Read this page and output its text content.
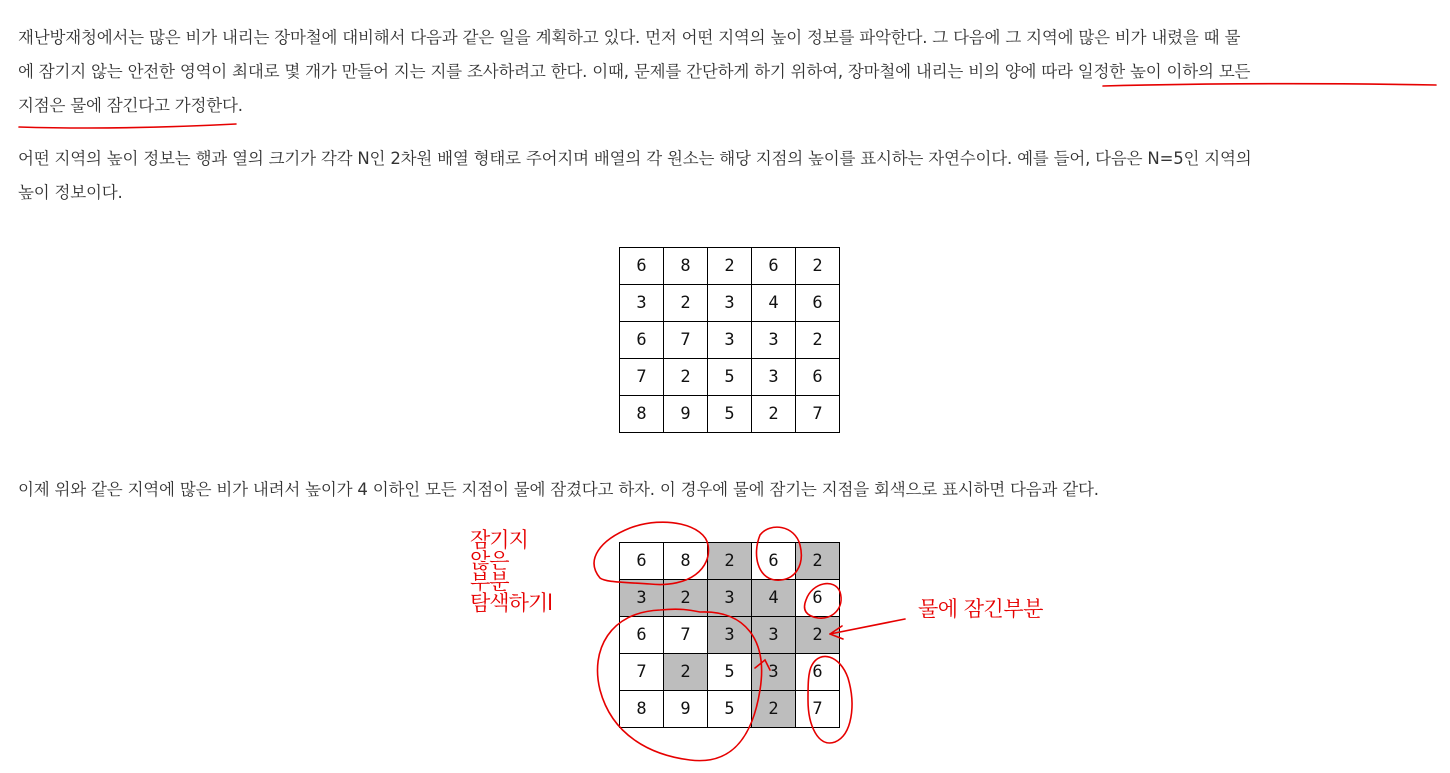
재난방재청에서는 많은 비가 내리는 장마철에 대비해서 다음과 같은 일을 계획하고 있다. 먼저 어떤 지역의 높이 정보를 파악한다. 그 다음에 그 지역에 많은 비가 내렸을 때 물
에 잠기지 않는 안전한 영역이 최대로 몇 개가 만들어 지는 지를 조사하려고 한다. 이때, 문제를 간단하게 하기 위하여, 장마철에 내리는 비의 양에 따라 일정한 높이 이하의 모든
지점은 물에 잠긴다고 가정한다.

어떤 지역의 높이 정보는 행과 열의 크기가 각각 N인 2차원 배열 형태로 주어지며 배열의 각 원소는 해당 지점의 높이를 표시하는 자연수이다. 예를 들어, 다음은 N=5인 지역의
높이 정보이다.

6	8	2	6	2
3	2	3	4	6
6	7	3	3	2
7	2	5	3	6
8	9	5	2	7

이제 위와 같은 지역에 많은 비가 내려서 높이가 4 이하인 모든 지점이 물에 잠겼다고 하자. 이 경우에 물에 잠기는 지점을 회색으로 표시하면 다음과 같다.

6	8	2	6	2
3	2	3	4	6
6	7	3	3	2
7	2	5	3	6
8	9	5	2	7
잠기지
않은
부분
탐색하기l	물에 잠긴부분
